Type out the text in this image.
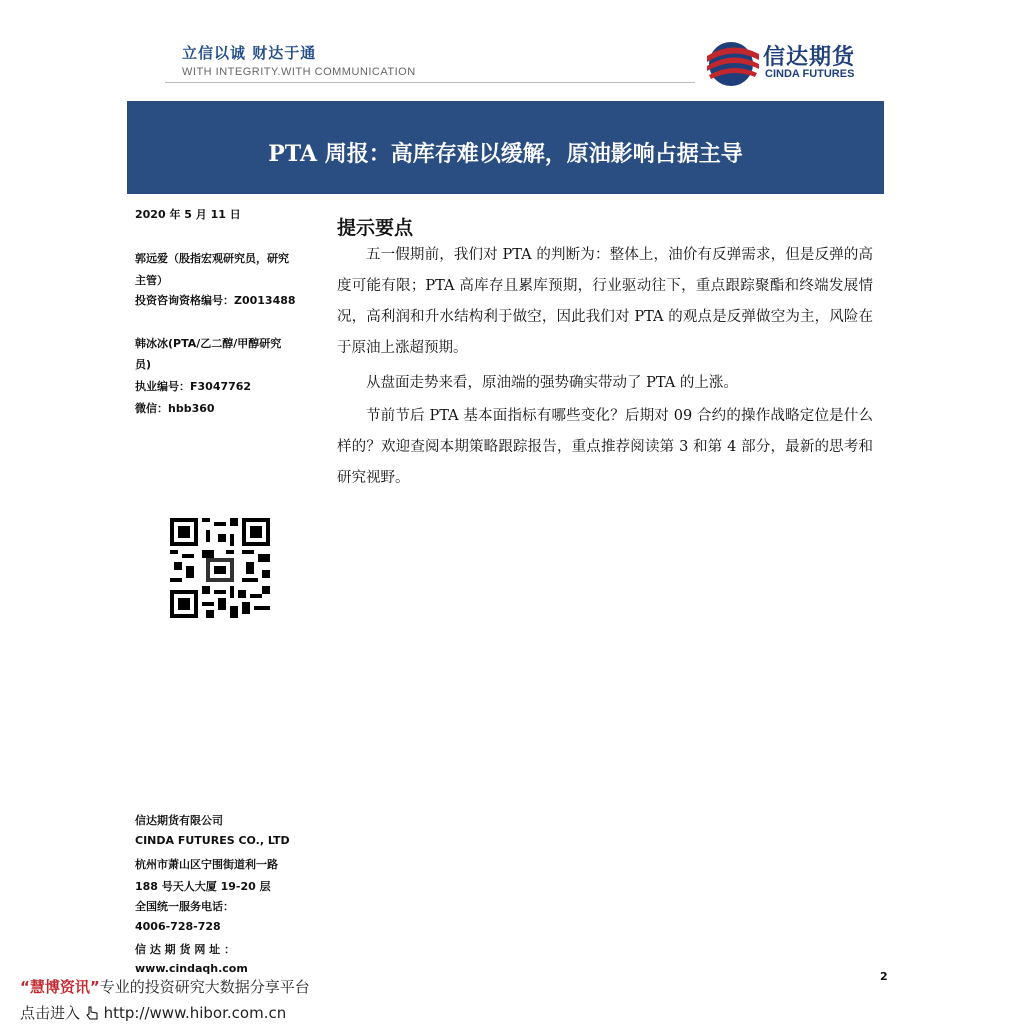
立信以诚 财达于通
WITH INTEGRITY.WITH COMMUNICATION
信达期货
CINDA FUTURES
PTA 周报：高库存难以缓解，原油影响占据主导
2020 年 5 月 11 日
郭远爱（股指宏观研究员，研究
主管）
投资咨询资格编号：Z0013488
韩冰冰(PTA/乙二醇/甲醇研究
员)
执业编号：F3047762
微信：hbb360
信达期货有限公司
CINDA FUTURES CO., LTD
杭州市萧山区宁围街道利一路
188 号天人大厦 19-20 层
全国统一服务电话：
4006-728-728
信 达 期 货 网 址 ：
www.cindaqh.com
提示要点

五一假期前，我们对 PTA 的判断为：整体上，油价有反弹需求，但是反弹的高度可能有限；PTA 高库存且累库预期，行业驱动往下，重点跟踪聚酯和终端发展情况，高利润和升水结构利于做空，因此我们对 PTA 的观点是反弹做空为主，风险在于原油上涨超预期。

从盘面走势来看，原油端的强势确实带动了 PTA 的上涨。

节前节后 PTA 基本面指标有哪些变化？后期对 09 合约的操作战略定位是什么样的？欢迎查阅本期策略跟踪报告，重点推荐阅读第 3 和第 4 部分，最新的思考和研究视野。

2
“慧博资讯”专业的投资研究大数据分享平台
点击进入 http://www.hibor.com.cn
